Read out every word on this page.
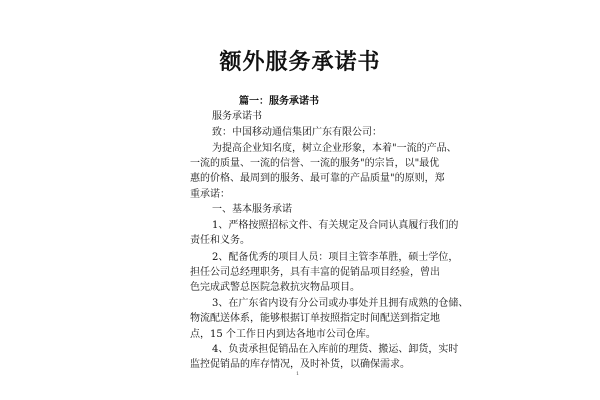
额外服务承诺书

篇一：服务承诺书

服务承诺书

致：中国移动通信集团广东有限公司：

为提高企业知名度，树立企业形象，本着"一流的产品、

一流的质量、一流的信誉、一流的服务"的宗旨，以"最优

惠的价格、最周到的服务、最可靠的产品质量"的原则，郑

重承诺：

一、基本服务承诺

1、严格按照招标文件、有关规定及合同认真履行我们的

责任和义务。

2、配备优秀的项目人员：项目主管李革胜，硕士学位，

担任公司总经理职务，具有丰富的促销品项目经验，曾出

色完成武警总医院急救抗灾物品项目。

3、在广东省内设有分公司或办事处并且拥有成熟的仓储、

物流配送体系，能够根据订单按照指定时间配送到指定地

点，15 个工作日内到达各地市公司仓库。

4、负责承担促销品在入库前的理货、搬运、卸货，实时

监控促销品的库存情况，及时补货，以确保需求。

1
